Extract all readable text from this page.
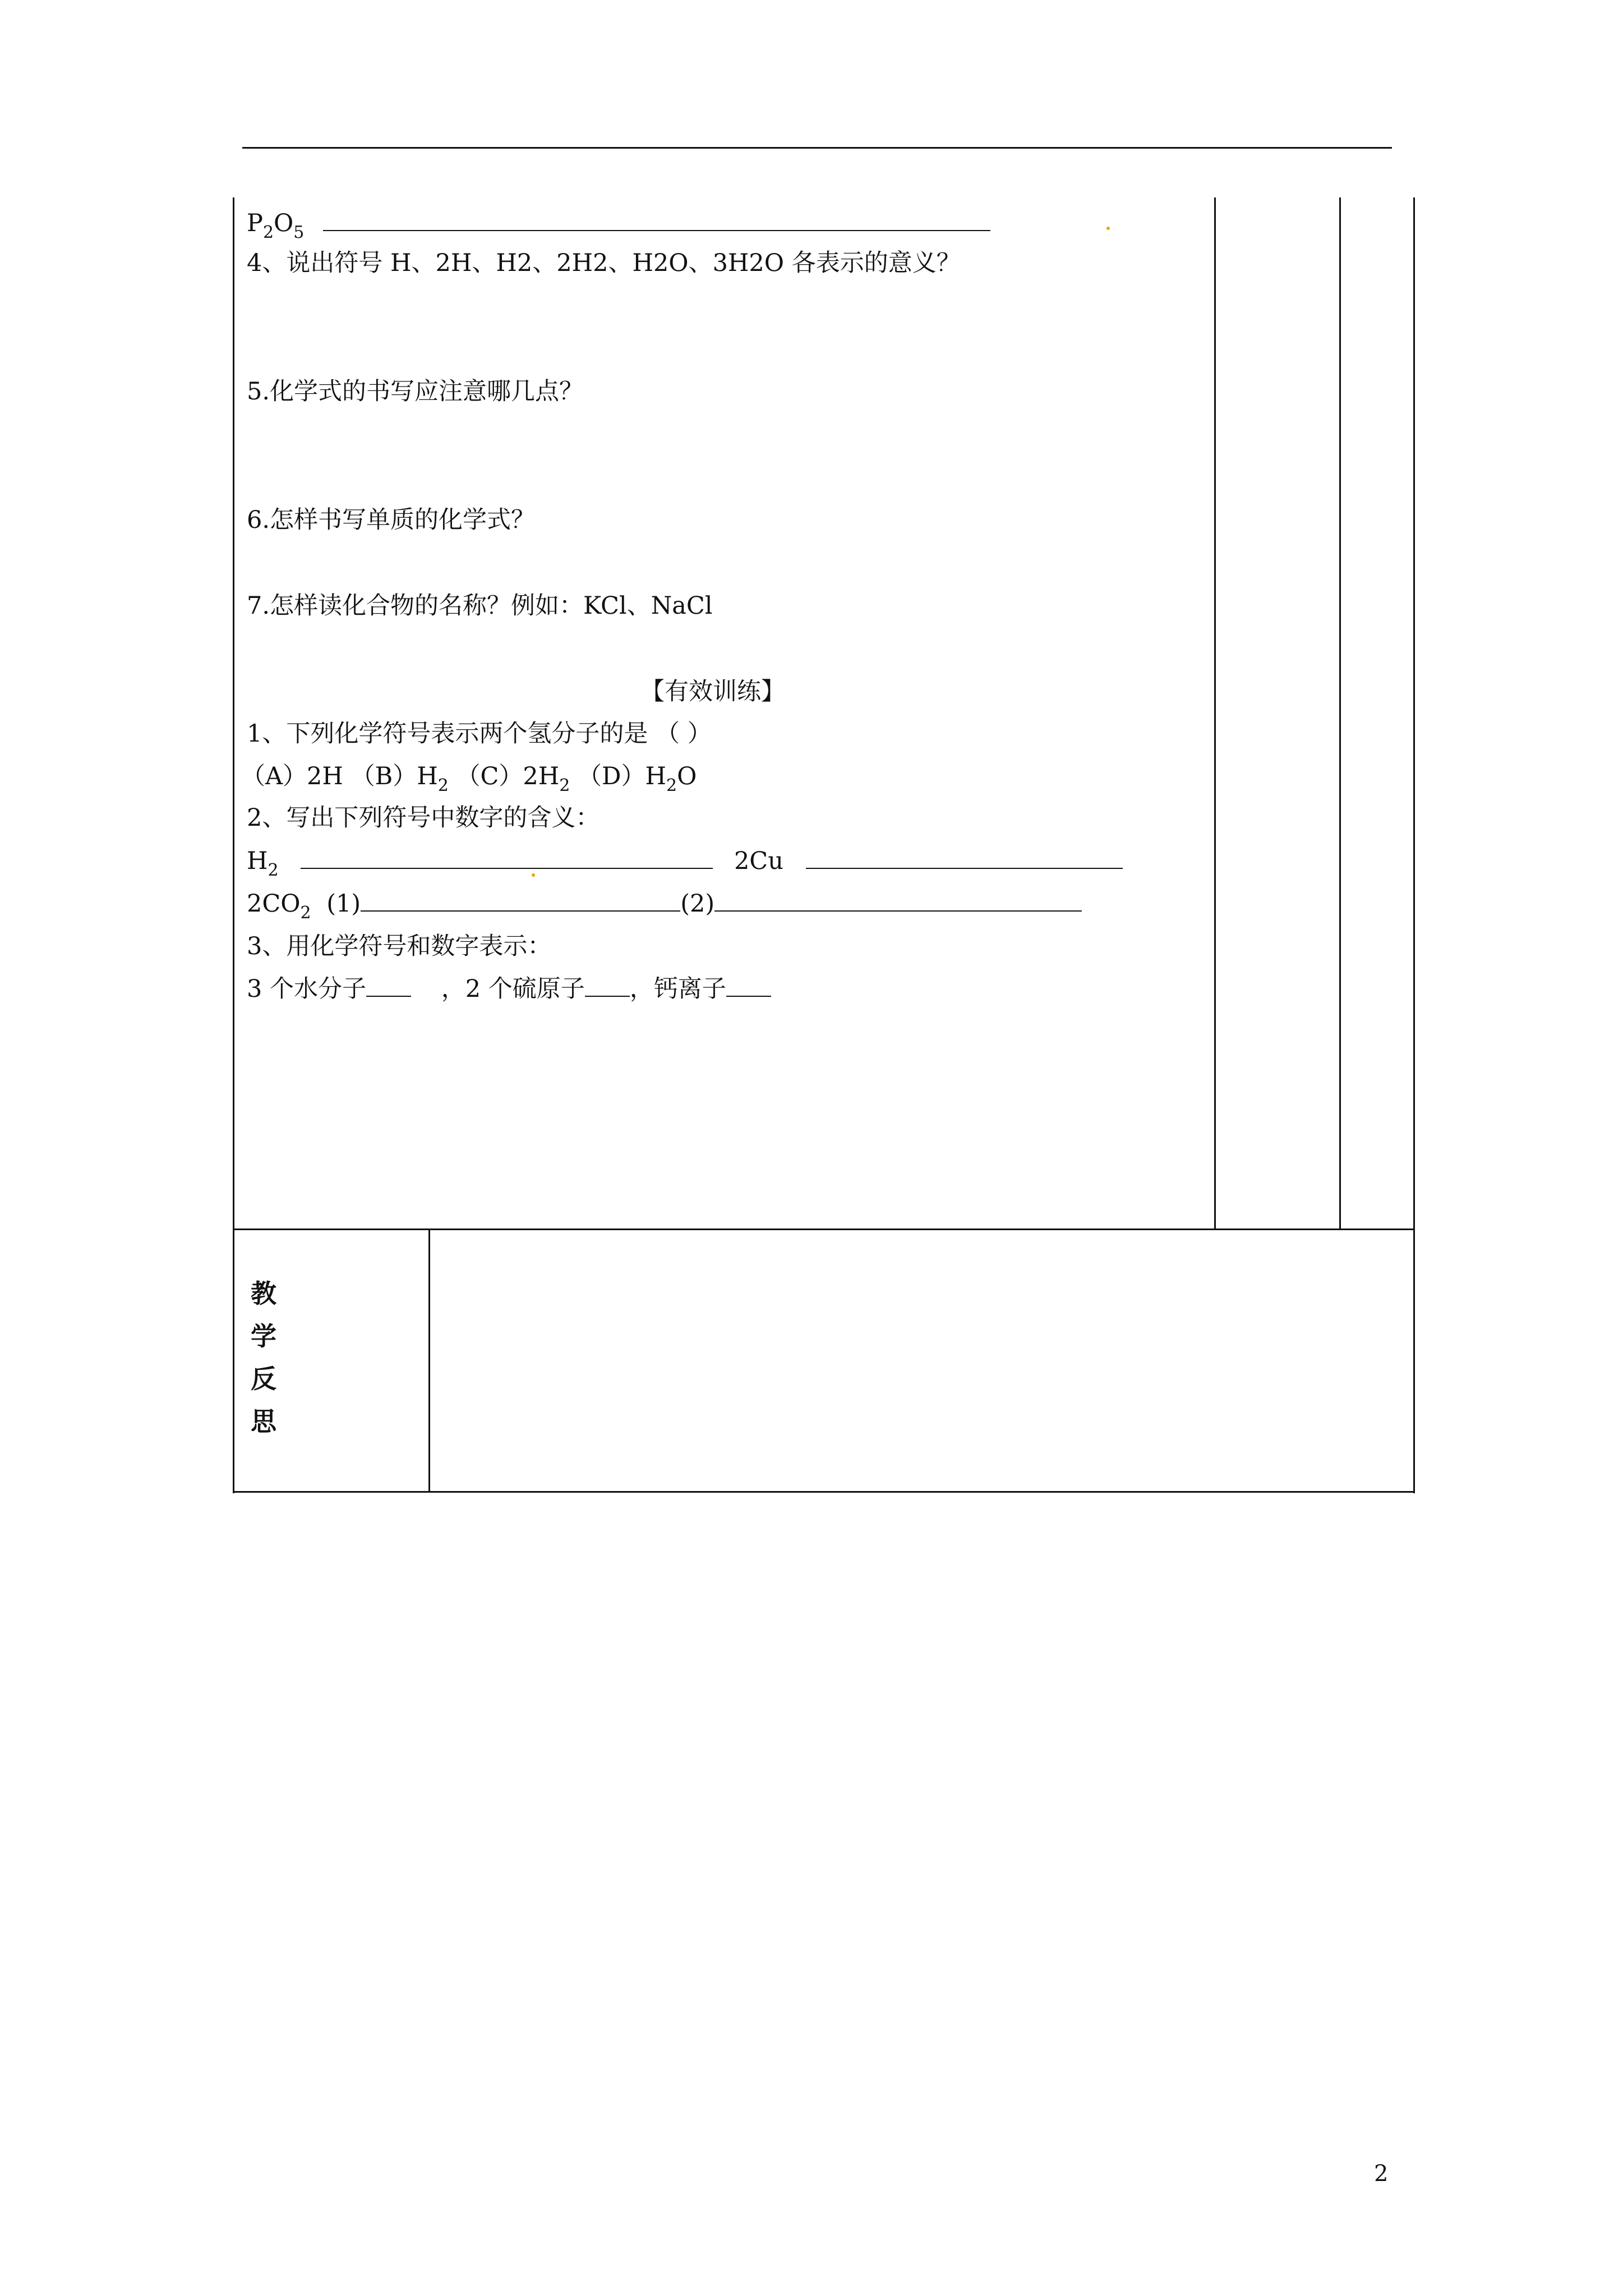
$P_2O_5$
4、说出符号 H、2H、H2、2H2、H2O、3H2O 各表示的意义？
5.化学式的书写应注意哪几点？
6.怎样书写单质的化学式？
7.怎样读化合物的名称？例如：KCl、NaCl
【有效训练】
1、下列化学符号表示两个氢分子的是 （ ）
（A）2H $(B)H_2$ $(C)2H_2$ $(D)H_2O$
2、写出下列符号中数字的含义：
$H_2$	2Cu
$2CO_2$ (1)	(2)
3、用化学符号和数字表示：
3 个水分子	，2 个硫原子 ，钙离子
教
学
反
思
2
